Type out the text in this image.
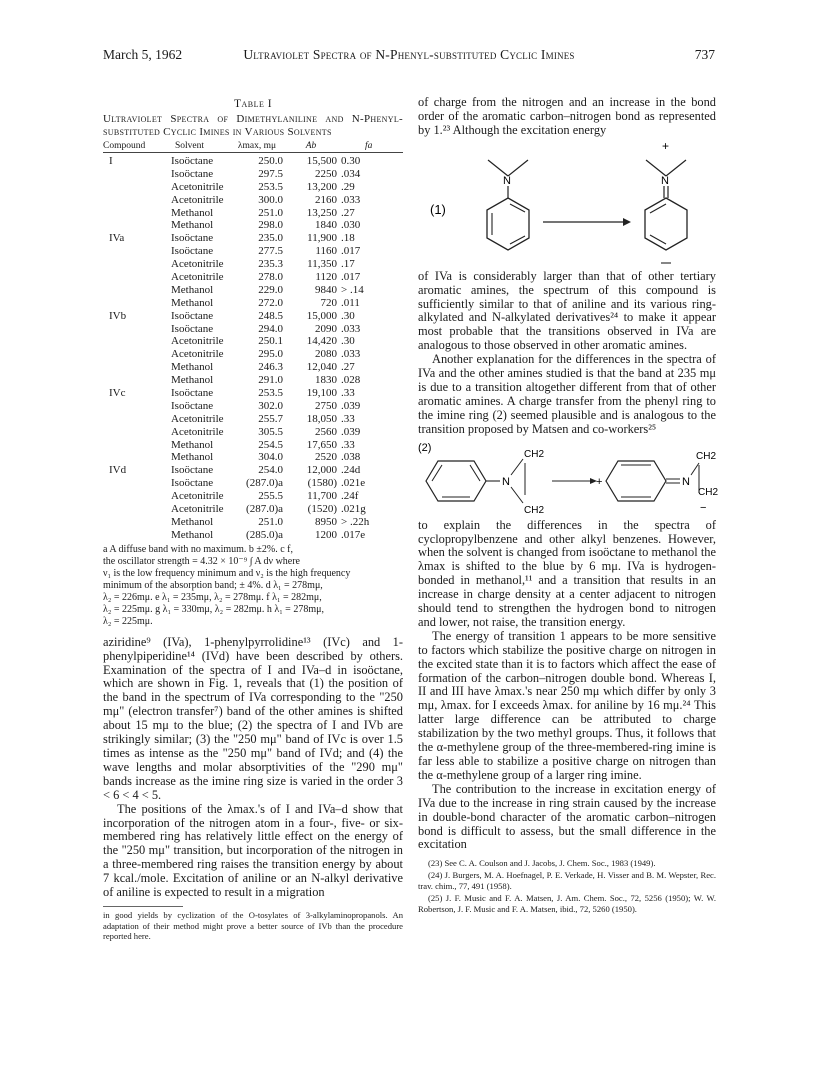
March 5, 1962	Ultraviolet Spectra of N-Phenyl-substituted Cyclic Imines	737
Table I
Ultraviolet Spectra of Dimethylaniline and N-Phenyl-substituted Cyclic Imines in Various Solvents
Compound	Solvent	λmax, mμ	Ab	fa
I	Isoöctane	250.0	15,500 0.30
Isoöctane	297.5	2250 .034
Acetonitrile	253.5	13,200 .29
Acetonitrile	300.0	2160 .033
Methanol	251.0	13,250 .27
Methanol	298.0	1840 .030
IVa	Isoöctane	235.0	11,900 .18
Isoöctane	277.5	1160 .017
Acetonitrile	235.3	11,350 .17
Acetonitrile	278.0	1120 .017
Methanol	229.0	9840 > .14
Methanol	272.0	720 .011
IVb	Isoöctane	248.5	15,000 .30
Isoöctane	294.0	2090 .033
Acetonitrile	250.1	14,420 .30
Acetonitrile	295.0	2080 .033
Methanol	246.3	12,040 .27
Methanol	291.0	1830 .028
IVc	Isoöctane	253.5	19,100 .33
Isoöctane	302.0	2750 .039
Acetonitrile	255.7	18,050 .33
Acetonitrile	305.5	2560 .039
Methanol	254.5	17,650 .33
Methanol	304.0	2520 .038
IVd	Isoöctane	254.0	12,000 .24d
Isoöctane	(287.0)a	(1580) .021e
Acetonitrile	255.5	11,700 .24f
Acetonitrile	(287.0)a	(1520) .021g
Methanol	251.0	8950 > .22h
Methanol	(285.0)a	1200 .017e
a A diffuse band with no maximum. b ±2%. c f,
the oscillator strength = 4.32 × 10⁻⁹ ∫ A dν where
ν₁ is the low frequency minimum and ν₂ is the high frequency
minimum of the absorption band; ± 4%. d λ₁ = 278mμ,
λ₂ = 226mμ. e λ₁ = 235mμ, λ₂ = 278mμ. f λ₁ = 282mμ,
λ₂ = 225mμ. g λ₁ = 330mμ, λ₂ = 282mμ. h λ₁ = 278mμ,
λ₂ = 225mμ.

aziridine⁹ (IVa), 1-phenylpyrrolidine¹³ (IVc) and 1-phenylpiperidine¹⁴ (IVd) have been described by others. Examination of the spectra of I and IVa–d in isoöctane, which are shown in Fig. 1, reveals that (1) the position of the band in the spectrum of IVa corresponding to the "250 mμ" (electron transfer⁷) band of the other amines is shifted about 15 mμ to the blue; (2) the spectra of I and IVb are strikingly similar; (3) the "250 mμ" band of IVc is over 1.5 times as intense as the "250 mμ" band of IVd; and (4) the wave lengths and molar absorptivities of the "290 mμ" bands increase as the imine ring size is varied in the order 3 < 6 < 4 < 5.

The positions of the λmax.'s of I and IVa–d show that incorporation of the nitrogen atom in a four-, five- or six-membered ring has relatively little effect on the energy of the "250 mμ" transition, but incorporation of the nitrogen in a three-membered ring raises the transition energy by about 7 kcal./mole. Excitation of aniline or an N-alkyl derivative of aniline is expected to result in a migration

in good yields by cyclization of the O-tosylates of 3-alkylaminopropanols. An adaptation of their method might prove a better source of IVb than the procedure reported here.

of charge from the nitrogen and an increase in the bond order of the aromatic carbon–nitrogen bond as represented by 1.²³ Although the excitation energy

(1)
N
+
N

of IVa is considerably larger than that of other tertiary aromatic amines, the spectrum of this compound is sufficiently similar to that of aniline and its various ring-alkylated and N-alkylated derivatives²⁴ to make it appear most probable that the transitions observed in IVa are analogous to those observed in other aromatic amines.

Another explanation for the differences in the spectra of IVa and the other amines studied is that the band at 235 mμ is due to a transition altogether different from that of other aromatic amines. A charge transfer from the phenyl ring to the imine ring (2) seemed plausible and is analogous to the transition proposed by Matsen and co-workers²⁵

(2)
N
CH2
CH2
+	N
CH2
CH2
−

to explain the differences in the spectra of cyclopropylbenzene and other alkyl benzenes. However, when the solvent is changed from isoöctane to methanol the λmax is shifted to the blue by 6 mμ. IVa is hydrogen-bonded in methanol,¹¹ and a transition that results in an increase in charge density at a center adjacent to nitrogen should tend to strengthen the hydrogen bond to nitrogen and lower, not raise, the transition energy.

The energy of transition 1 appears to be more sensitive to factors which stabilize the positive charge on nitrogen in the excited state than it is to factors which affect the ease of formation of the carbon–nitrogen double bond. Whereas I, II and III have λmax.'s near 250 mμ which differ by only 3 mμ, λmax. for I exceeds λmax. for aniline by 16 mμ.²⁴ This latter large difference can be attributed to charge stabilization by the two methyl groups. Thus, it follows that the α-methylene group of the three-membered-ring imine is far less able to stabilize a positive charge on nitrogen than the α-methylene group of a larger ring imine.

The contribution to the increase in excitation energy of IVa due to the increase in ring strain caused by the increase in double-bond character of the aromatic carbon–nitrogen bond is difficult to assess, but the small difference in the excitation

(23) See C. A. Coulson and J. Jacobs, J. Chem. Soc., 1983 (1949).

(24) J. Burgers, M. A. Hoefnagel, P. E. Verkade, H. Visser and B. M. Wepster, Rec. trav. chim., 77, 491 (1958).

(25) J. F. Music and F. A. Matsen, J. Am. Chem. Soc., 72, 5256 (1950); W. W. Robertson, J. F. Music and F. A. Matsen, ibid., 72, 5260 (1950).
